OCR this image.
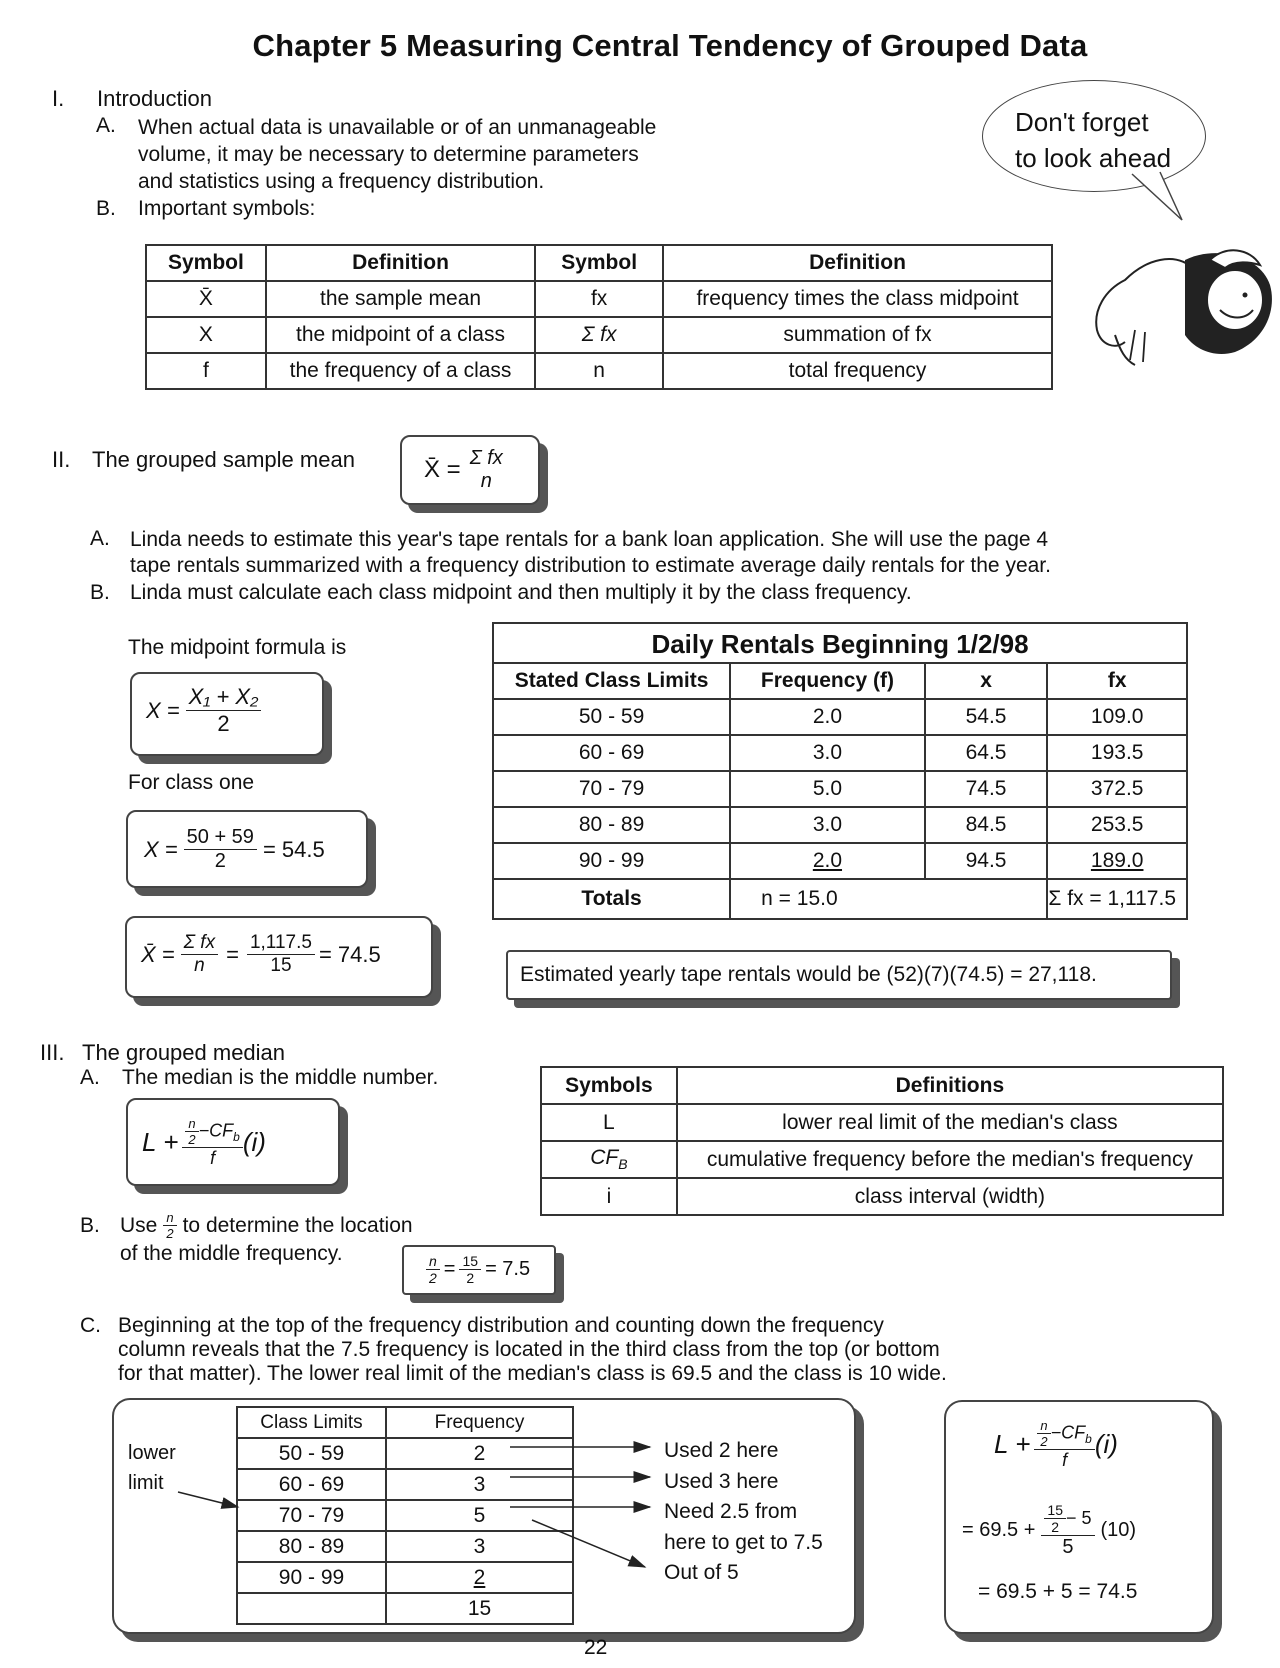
Chapter 5 Measuring Central Tendency of Grouped Data
I. Introduction
A. When actual data is unavailable or of an unmanageable
volume, it may be necessary to determine parameters
and statistics using a frequency distribution.
B. Important symbols:
Don't forget
to look ahead
Symbol	Definition	Symbol	Definition
X̄	the sample mean	fx	frequency times the class midpoint
X	the midpoint of a class	Σ fx	summation of fx
f	the frequency of a class	n	total frequency
II. The grouped sample mean	X̄ = Σ fx
n
A. Linda needs to estimate this year's tape rentals for a bank loan application. She will use the page 4
tape rentals summarized with a frequency distribution to estimate average daily rentals for the year.
B. Linda must calculate each class midpoint and then multiply it by the class frequency.
The midpoint formula is
$X = \frac{\text{X₁ + X₂}}{2}$
For class one
$X = \frac{50 + 59}{2} = 54.5$
X̄ = $\frac{\text{Σ fx}}{n} = \frac{1,117.5}{15} = 74.5$
Daily Rentals Beginning 1/2/98
Stated Class Limits	Frequency (f)	x	fx
50 - 59	2.0	54.5	109.0
60 - 69	3.0	64.5	193.5
70 - 79	5.0	74.5	372.5
80 - 89	3.0	84.5	253.5
90 - 99	2.0	94.5	189.0
Totals	n = 15.0		Σ fx = 1,117.5
Estimated yearly tape rentals would be (52)(7)(74.5) = 27,118.
III. The grouped median
A. The median is the middle number.
$L + \frac{\frac{n}{2} -CF_b}{f} (i)$
B. Use $\frac{n}{2}$ to determine the location
of the middle frequency.	$\frac{n}{2} = \frac{15}{2} = 7.5$
Symbols	Definitions
L	lower real limit of the median's class
$CF_B$	cumulative frequency before the median's frequency
i	class interval (width)
C. Beginning at the top of the frequency distribution and counting down the frequency
column reveals that the 7.5 frequency is located in the third class from the top (or bottom
for that matter). The lower real limit of the median's class is 69.5 and the class is 10 wide.
lower
limit
Class Limits	Frequency
50 - 59	2
60 - 69	3
70 - 79	5
80 - 89	3
90 - 99	2
	15
Used 2 here
Used 3 here
Need 2.5 from
here to get to 7.5
Out of 5
$L + \frac{\frac{n}{2} -CF_b}{f} (i)$
= $69.5 + \frac{\frac{15}{2} - 5}{5} (10)$
= 69.5 + 5 = 74.5
22
